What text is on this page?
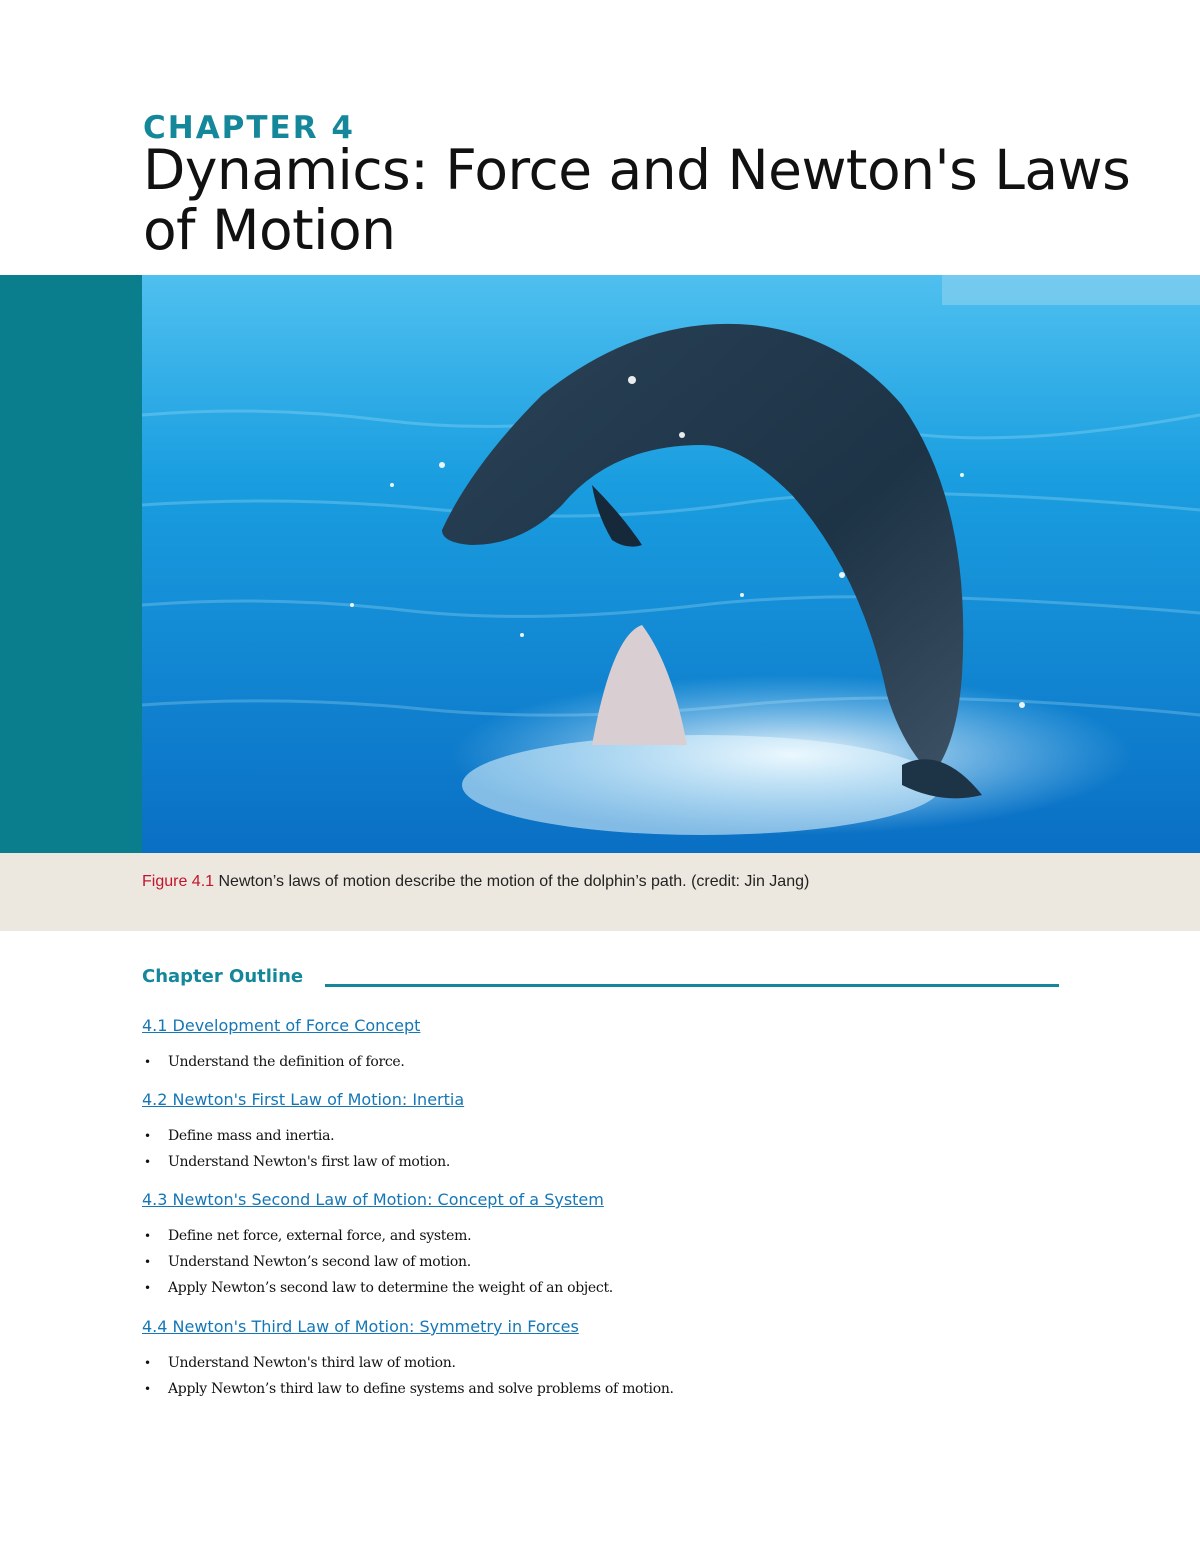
CHAPTER 4
Dynamics: Force and Newton's Laws of Motion

Figure 4.1 Newton’s laws of motion describe the motion of the dolphin’s path. (credit: Jin Jang)

Chapter Outline
4.1 Development of Force Concept
• Understand the definition of force.
4.2 Newton's First Law of Motion: Inertia
• Define mass and inertia.
• Understand Newton's first law of motion.
4.3 Newton's Second Law of Motion: Concept of a System
• Define net force, external force, and system.
• Understand Newton’s second law of motion.
• Apply Newton’s second law to determine the weight of an object.
4.4 Newton's Third Law of Motion: Symmetry in Forces
• Understand Newton's third law of motion.
• Apply Newton’s third law to define systems and solve problems of motion.
